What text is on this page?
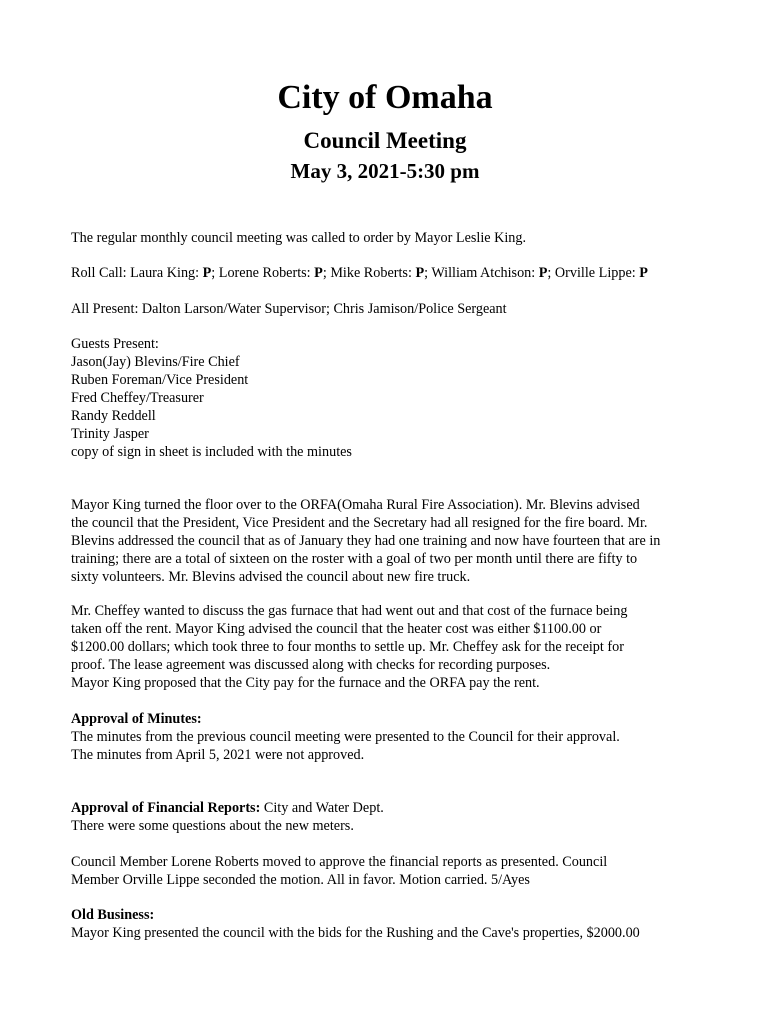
City of Omaha
Council Meeting
May 3, 2021-5:30 pm

The regular monthly council meeting was called to order by Mayor Leslie King.

Roll Call: Laura King: P; Lorene Roberts: P; Mike Roberts: P; William Atchison: P; Orville Lippe: P

All Present: Dalton Larson/Water Supervisor; Chris Jamison/Police Sergeant

Guests Present:
Jason(Jay) Blevins/Fire Chief
Ruben Foreman/Vice President
Fred Cheffey/Treasurer
Randy Reddell
Trinity Jasper
copy of sign in sheet is included with the minutes

Mayor King turned the floor over to the ORFA(Omaha Rural Fire Association). Mr. Blevins advised
the council that the President, Vice President and the Secretary had all resigned for the fire board. Mr.
Blevins addressed the council that as of January they had one training and now have fourteen that are in
training; there are a total of sixteen on the roster with a goal of two per month until there are fifty to
sixty volunteers. Mr. Blevins advised the council about new fire truck.

Mr. Cheffey wanted to discuss the gas furnace that had went out and that cost of the furnace being
taken off the rent. Mayor King advised the council that the heater cost was either $1100.00 or
$1200.00 dollars; which took three to four months to settle up. Mr. Cheffey ask for the receipt for
proof. The lease agreement was discussed along with checks for recording purposes.
Mayor King proposed that the City pay for the furnace and the ORFA pay the rent.

Approval of Minutes:
The minutes from the previous council meeting were presented to the Council for their approval.
The minutes from April 5, 2021 were not approved.
Approval of Financial Reports: City and Water Dept.
There were some questions about the new meters.

Council Member Lorene Roberts moved to approve the financial reports as presented. Council
Member Orville Lippe seconded the motion. All in favor. Motion carried. 5/Ayes

Old Business:
Mayor King presented the council with the bids for the Rushing and the Cave's properties, $2000.00
